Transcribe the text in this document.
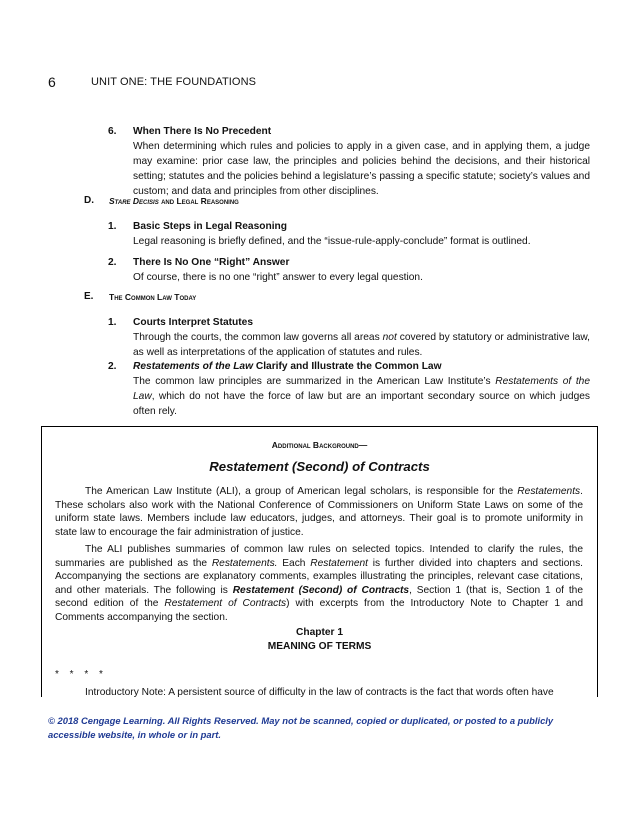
6	UNIT ONE: THE FOUNDATIONS
6. When There Is No Precedent
When determining which rules and policies to apply in a given case, and in applying them, a judge may examine: prior case law, the principles and policies behind the decisions, and their historical setting; statutes and the policies behind a legislature’s passing a specific statute; society’s values and custom; and data and principles from other disciplines.
D. Stare Decisis and Legal Reasoning
1. Basic Steps in Legal Reasoning
Legal reasoning is briefly defined, and the “issue-rule-apply-conclude” format is outlined.
2. There Is No One “Right” Answer
Of course, there is no one “right” answer to every legal question.
E. The Common Law Today
1. Courts Interpret Statutes
Through the courts, the common law governs all areas not covered by statutory or administrative law, as well as interpretations of the application of statutes and rules.
2. Restatements of the Law Clarify and Illustrate the Common Law
The common law principles are summarized in the American Law Institute’s Restatements of the Law, which do not have the force of law but are an important secondary source on which judges often rely.
Additional Background—
Restatement (Second) of Contracts
The American Law Institute (ALI), a group of American legal scholars, is responsible for the Restatements. These scholars also work with the National Conference of Commissioners on Uniform State Laws on some of the uniform state laws. Members include law educators, judges, and attorneys. Their goal is to promote uniformity in state law to encourage the fair administration of justice.
The ALI publishes summaries of common law rules on selected topics. Intended to clarify the rules, the summaries are published as the Restatements. Each Restatement is further divided into chapters and sections. Accompanying the sections are explanatory comments, examples illustrating the principles, relevant case citations, and other materials. The following is Restatement (Second) of Contracts, Section 1 (that is, Section 1 of the second edition of the Restatement of Contracts) with excerpts from the Introductory Note to Chapter 1 and Comments accompanying the section.
Chapter 1
MEANING OF TERMS
* * * *
Introductory Note: A persistent source of difficulty in the law of contracts is the fact that words often have
© 2018 Cengage Learning. All Rights Reserved. May not be scanned, copied or duplicated, or posted to a publicly accessible website, in whole or in part.
